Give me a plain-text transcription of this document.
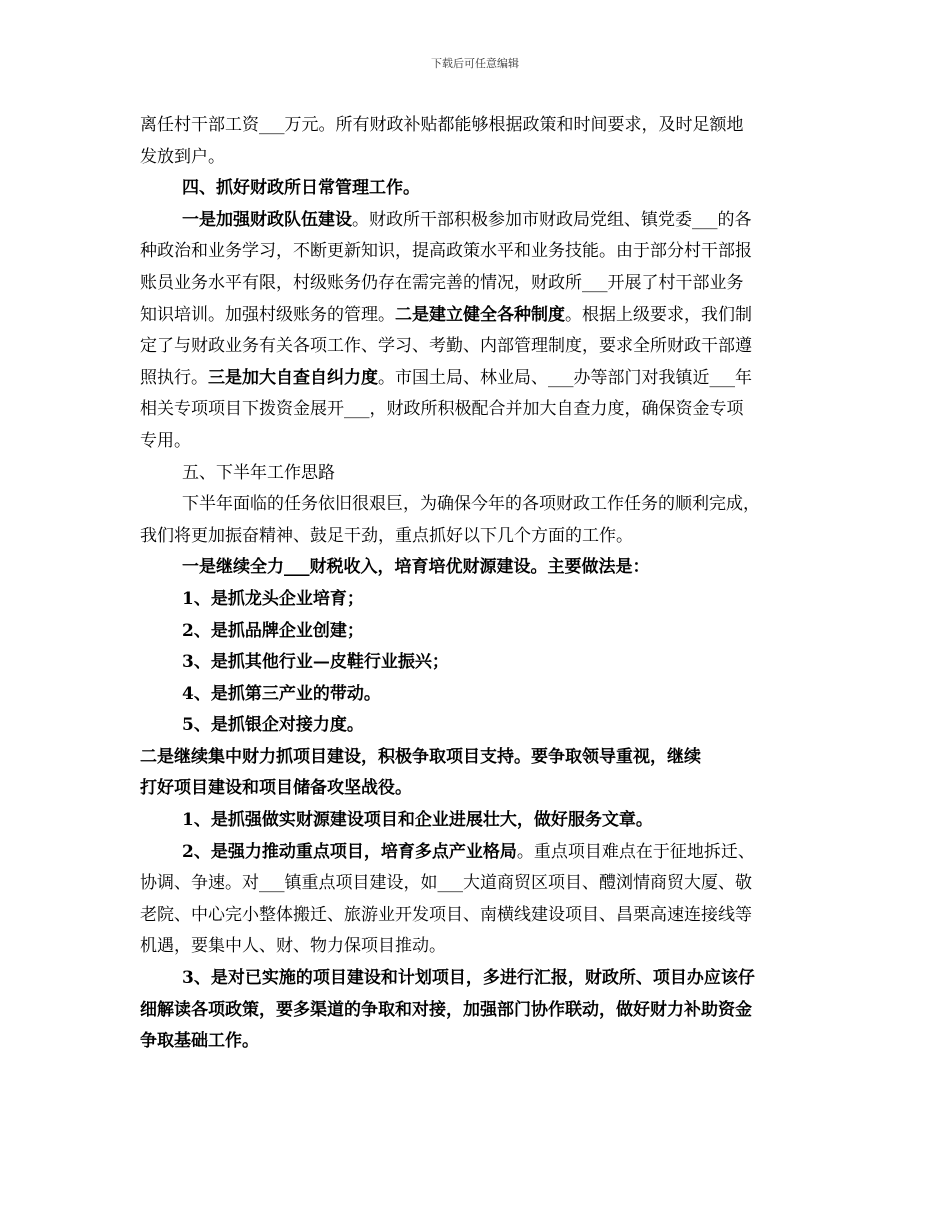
下载后可任意编辑
离任村干部工资___万元。所有财政补贴都能够根据政策和时间要求，及时足额地
发放到户。
四、抓好财政所日常管理工作。
一是加强财政队伍建设。财政所干部积极参加市财政局党组、镇党委___的各
种政治和业务学习，不断更新知识，提高政策水平和业务技能。由于部分村干部报
账员业务水平有限，村级账务仍存在需完善的情况，财政所___开展了村干部业务
知识培训。加强村级账务的管理。二是建立健全各种制度。根据上级要求，我们制
定了与财政业务有关各项工作、学习、考勤、内部管理制度，要求全所财政干部遵
照执行。三是加大自查自纠力度。市国土局、林业局、___办等部门对我镇近___年
相关专项项目下拨资金展开___，财政所积极配合并加大自查力度，确保资金专项
专用。
五、下半年工作思路
下半年面临的任务依旧很艰巨，为确保今年的各项财政工作任务的顺利完成，
我们将更加振奋精神、鼓足干劲，重点抓好以下几个方面的工作。
一是继续全力___财税收入，培育培优财源建设。主要做法是：
1、是抓龙头企业培育；
2、是抓品牌企业创建；
3、是抓其他行业—皮鞋行业振兴；
4、是抓第三产业的带动。
5、是抓银企对接力度。
二是继续集中财力抓项目建设，积极争取项目支持。要争取领导重视，继续
打好项目建设和项目储备攻坚战役。
1、是抓强做实财源建设项目和企业进展壮大，做好服务文章。
2、是强力推动重点项目，培育多点产业格局。重点项目难点在于征地拆迁、
协调、争速。对___镇重点项目建设，如___大道商贸区项目、醴浏情商贸大厦、敬
老院、中心完小整体搬迁、旅游业开发项目、南横线建设项目、昌栗高速连接线等
机遇，要集中人、财、物力保项目推动。
3、是对已实施的项目建设和计划项目，多进行汇报，财政所、项目办应该仔
细解读各项政策，要多渠道的争取和对接，加强部门协作联动，做好财力补助资金
争取基础工作。
